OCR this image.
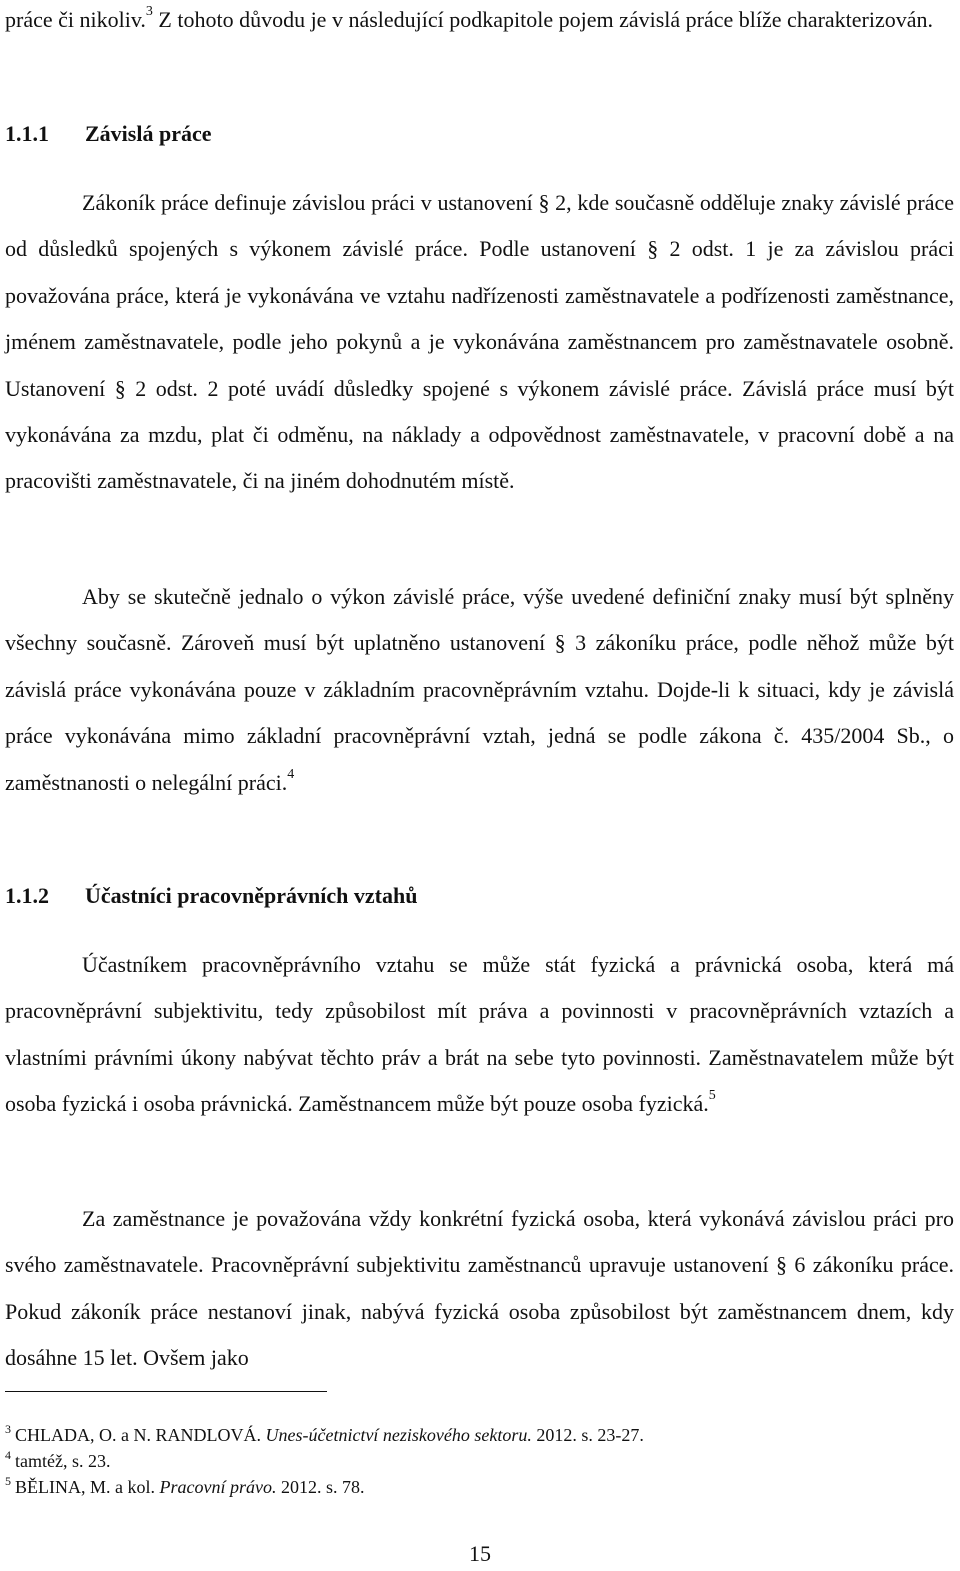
práce či nikoliv.$^3$ Z tohoto důvodu je v následující podkapitole pojem závislá práce blíže charakterizován.

1.1.1	Závislá práce

Zákoník práce definuje závislou práci v ustanovení § 2, kde současně odděluje znaky závislé práce od důsledků spojených s výkonem závislé práce. Podle ustanovení § 2 odst. 1 je za závislou práci považována práce, která je vykonávána ve vztahu nadřízenosti zaměstnavatele a podřízenosti zaměstnance, jménem zaměstnavatele, podle jeho pokynů a je vykonávána zaměstnancem pro zaměstnavatele osobně. Ustanovení § 2 odst. 2 poté uvádí důsledky spojené s výkonem závislé práce. Závislá práce musí být vykonávána za mzdu, plat či odměnu, na náklady a odpovědnost zaměstnavatele, v pracovní době a na pracovišti zaměstnavatele, či na jiném dohodnutém místě.

Aby se skutečně jednalo o výkon závislé práce, výše uvedené definiční znaky musí být splněny všechny současně. Zároveň musí být uplatněno ustanovení § 3 zákoníku práce, podle něhož může být závislá práce vykonávána pouze v základním pracovněprávním vztahu. Dojde-li k situaci, kdy je závislá práce vykonávána mimo základní pracovněprávní vztah, jedná se podle zákona č. 435/2004 Sb., o zaměstnanosti o nelegální práci.$^4$

1.1.2	Účastníci pracovněprávních vztahů

Účastníkem pracovněprávního vztahu se může stát fyzická a právnická osoba, která má pracovněprávní subjektivitu, tedy způsobilost mít práva a povinnosti v pracovněprávních vztazích a vlastními právními úkony nabývat těchto práv a brát na sebe tyto povinnosti. Zaměstnavatelem může být osoba fyzická i osoba právnická. Zaměstnancem může být pouze osoba fyzická.$^5$

Za zaměstnance je považována vždy konkrétní fyzická osoba, která vykonává závislou práci pro svého zaměstnavatele. Pracovněprávní subjektivitu zaměstnanců upravuje ustanovení § 6 zákoníku práce. Pokud zákoník práce nestanoví jinak, nabývá fyzická osoba způsobilost být zaměstnancem dnem, kdy dosáhne 15 let. Ovšem jako

$^3$ CHLADA, O. a N. RANDLOVÁ. Unes-účetnictví neziskového sektoru. 2012. s. 23-27.
$^4$ tamtéž, s. 23.
$^5$ BĚLINA, M. a kol. Pracovní právo. 2012. s. 78.
15
